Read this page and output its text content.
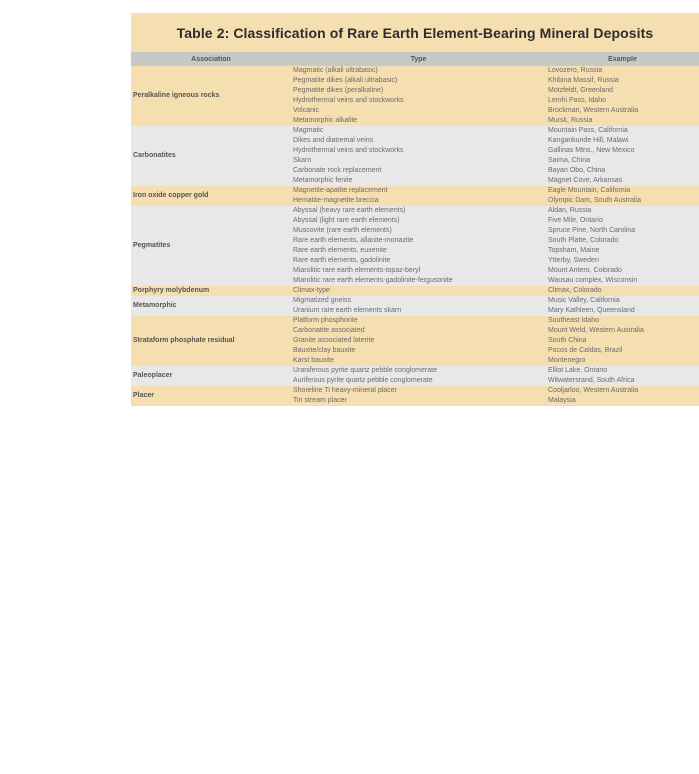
Table 2: Classification of Rare Earth Element-Bearing Mineral Deposits
Association	Type	Example
Peralkaline igneous rocks	Magmatic (alkali ultrabasic)	Lovozero, Russia
	Pegmatite dikes (alkali ultrabasic)	Khibina Massif, Russia
	Pegmatite dikes (peralkaline)	Motzfeldt, Greenland
	Hydrothermal veins and stockworks	Lemhi Pass, Idaho
	Volcanic	Brockman, Western Australia
	Metamorphic alkalite	Mursk, Russia
Carbonatites	Magmatic	Mountain Pass, California
	Dikes and diatremal veins	Kangankunde Hill, Malawi
	Hydrothermal veins and stockworks	Gallinas Mtns., New Mexico
	Skarn	Saima, China
	Carbonate rock replacement	Bayan Obo, China
	Metamorphic fenite	Magnet Cove, Arkansas
Iron oxide copper gold	Magnetite-apatite replacement	Eagle Mountain, California
	Hematite-magnetite breccia	Olympic Dam, South Australia
Pegmatites	Abyssal (heavy rare earth elements)	Aldan, Russia
	Abyssal (light rare earth elements)	Five Mile, Ontario
	Muscovite (rare earth elements)	Spruce Pine, North Carolina
	Rare earth elements, allanite-monazite	South Platte, Colorado
	Rare earth elements, euxenite	Topsham, Maine
	Rare earth elements, gadolinite	Ytterby, Sweden
	Miarolitic rare earth elements-topaz-beryl	Mount Antero, Colorado
	Miarolitic rare earth elements-gadolinite-fergusonite	Wausau complex, Wisconsin
Porphyry molybdenum	Climax-type	Climax, Colorado
Metamorphic	Migmatized gneiss	Music Valley, California
	Uranium rare earth elements skarn	Mary Kathleen, Queensland
Strataform phosphate residual	Platform phosphorite	Southeast Idaho
	Carbonatite associated	Mount Weld, Western Australia
	Granite associated laterite	South China
	Bauxite/clay bauxite	Pocos de Caldas, Brazil
	Karst bauxite	Montenegro
Paleoplacer	Uraniferous pyrite quartz pebble conglomerate	Elliot Lake, Ontario
	Auriferous pyrite quartz pebble conglomerate	Witwatersrand, South Africa
Placer	Shoreline Ti heavy-mineral placer	Cooljarloo, Western Australia
	Tin stream placer	Malaysia
